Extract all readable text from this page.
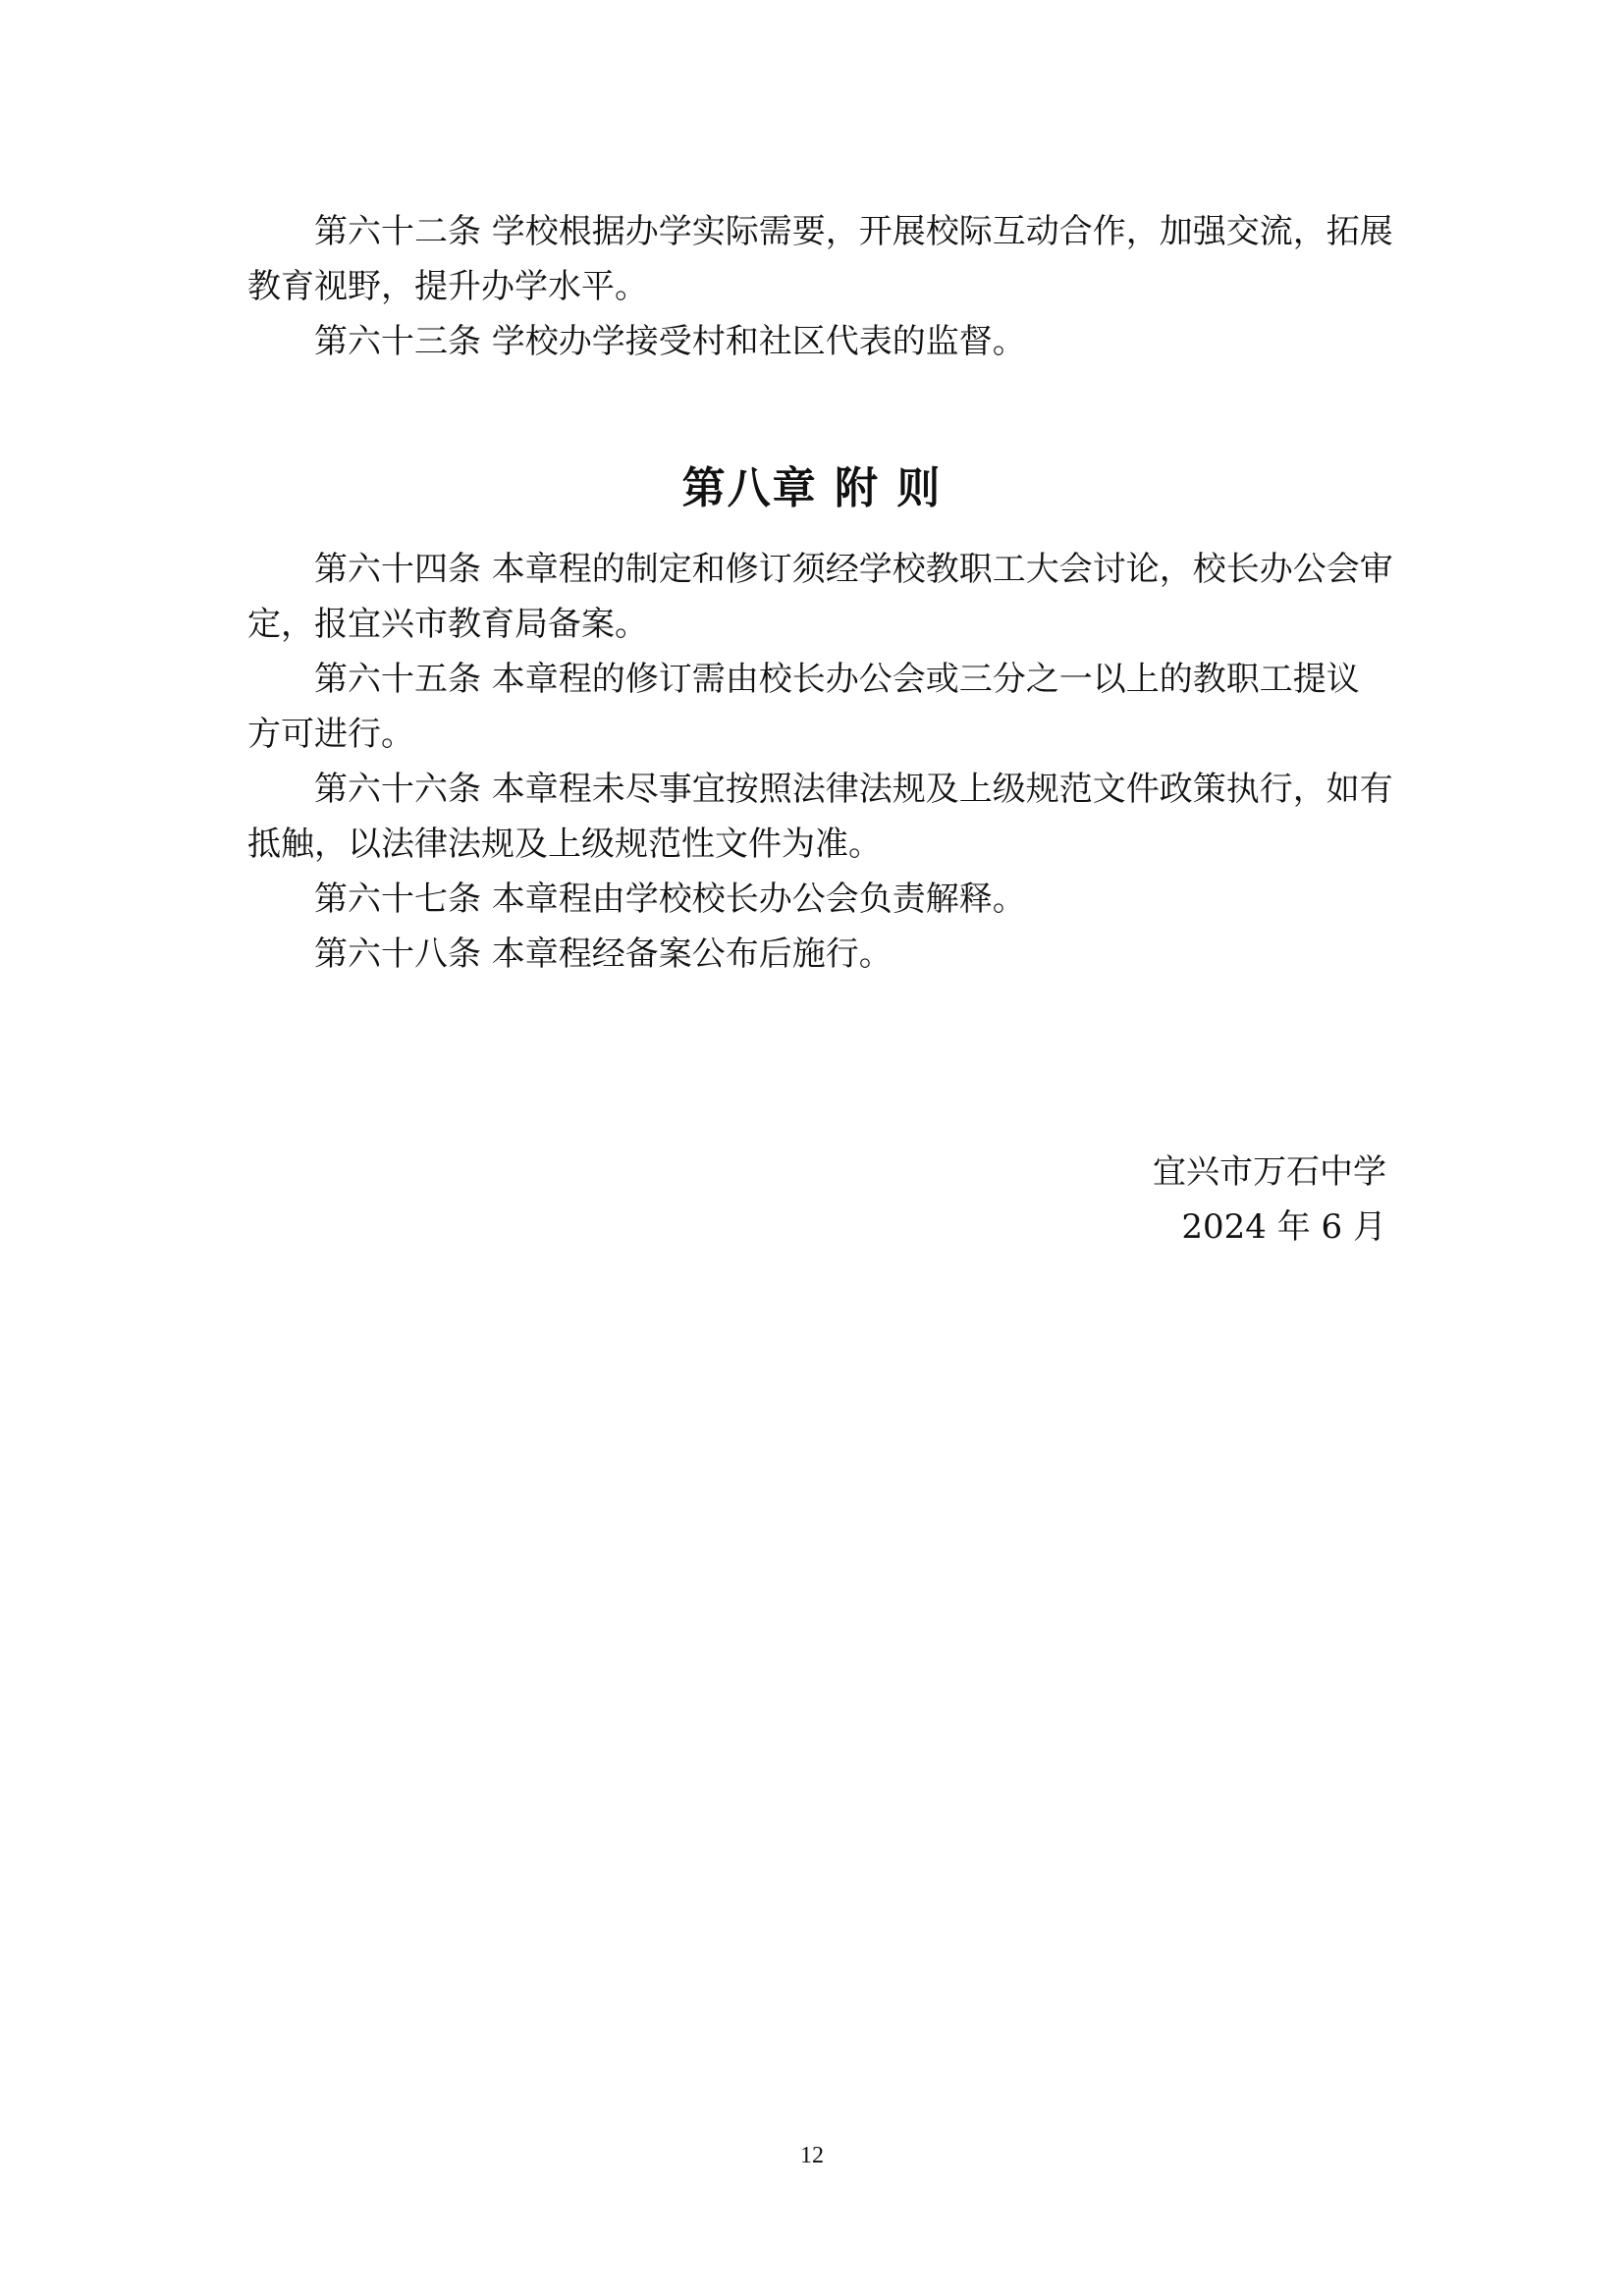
第六十二条 学校根据办学实际需要，开展校际互动合作，加强交流，拓展
教育视野，提升办学水平。
第六十三条 学校办学接受村和社区代表的监督。
第八章 附 则
第六十四条 本章程的制定和修订须经学校教职工大会讨论，校长办公会审
定，报宜兴市教育局备案。
第六十五条 本章程的修订需由校长办公会或三分之一以上的教职工提议
方可进行。
第六十六条 本章程未尽事宜按照法律法规及上级规范文件政策执行，如有
抵触，以法律法规及上级规范性文件为准。
第六十七条 本章程由学校校长办公会负责解释。
第六十八条 本章程经备案公布后施行。
宜兴市万石中学
2024 年 6 月
12
